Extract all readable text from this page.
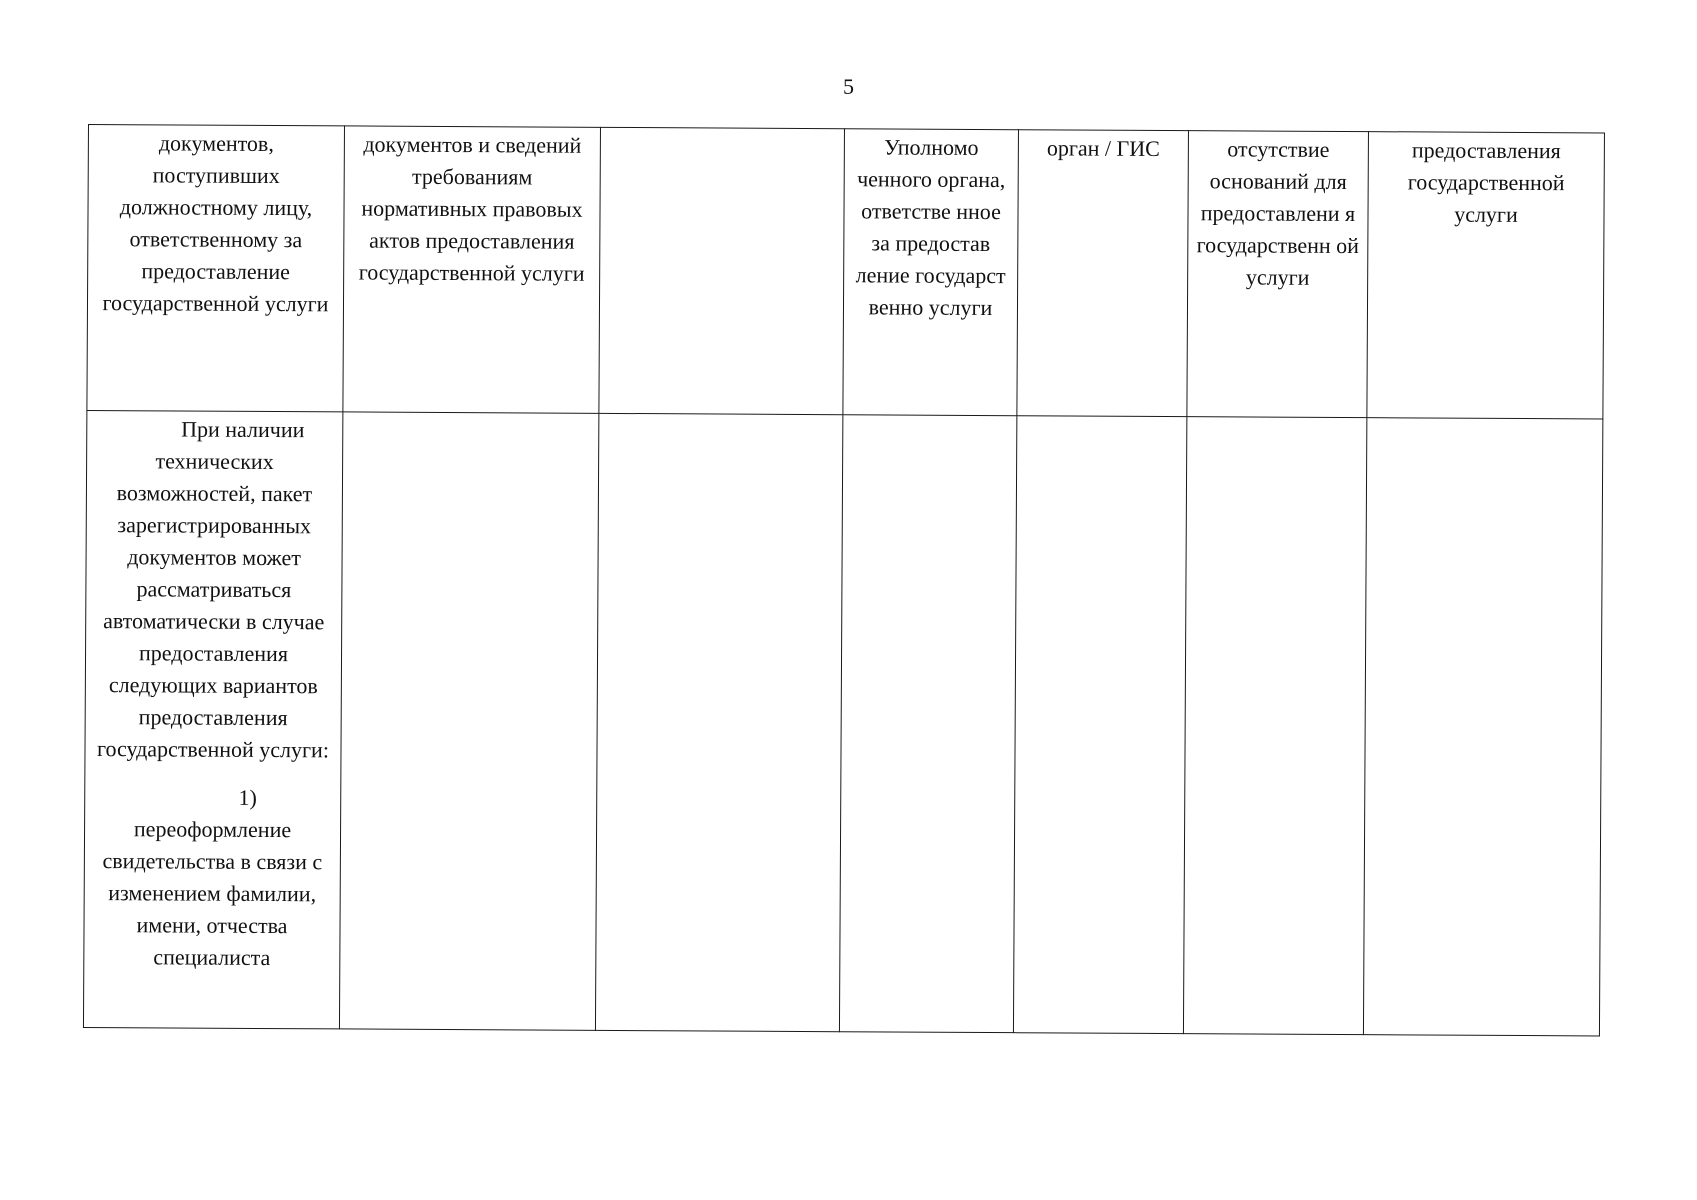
5
документов, поступивших должностному лицу, ответственному за предоставление государственной услуги	документов и сведений требованиям нормативных правовых актов предоставления государственной услуги		Уполномо ченного органа, ответстве нное за предостав ление государст венно услуги	орган / ГИС	отсутствие оснований для предоставлени я государственн ой услуги	предоставления государственной услуги

При наличии технических возможностей, пакет зарегистрированных документов может рассматриваться автоматически в случае предоставления следующих вариантов предоставления государственной услуги:
1) переоформление свидетельства в связи с изменением фамилии, имени, отчества специалиста						
